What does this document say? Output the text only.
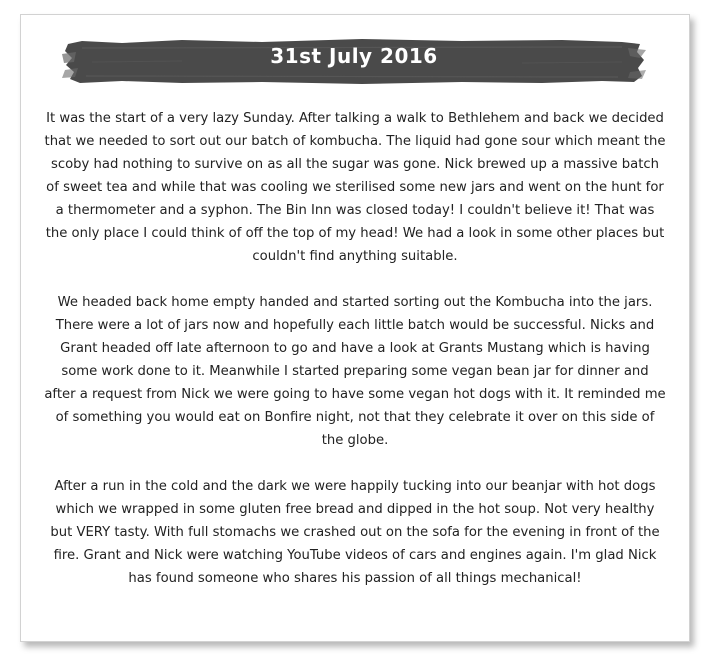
31st July 2016

It was the start of a very lazy Sunday. After talking a walk to Bethlehem and back we decided that we needed to sort out our batch of kombucha. The liquid had gone sour which meant the scoby had nothing to survive on as all the sugar was gone. Nick brewed up a massive batch of sweet tea and while that was cooling we sterilised some new jars and went on the hunt for a thermometer and a syphon. The Bin Inn was closed today! I couldn't believe it! That was the only place I could think of off the top of my head! We had a look in some other places but couldn't find anything suitable.

We headed back home empty handed and started sorting out the Kombucha into the jars. There were a lot of jars now and hopefully each little batch would be successful. Nicks and Grant headed off late afternoon to go and have a look at Grants Mustang which is having some work done to it. Meanwhile I started preparing some vegan bean jar for dinner and after a request from Nick we were going to have some vegan hot dogs with it. It reminded me of something you would eat on Bonfire night, not that they celebrate it over on this side of the globe.

After a run in the cold and the dark we were happily tucking into our beanjar with hot dogs which we wrapped in some gluten free bread and dipped in the hot soup. Not very healthy but VERY tasty. With full stomachs we crashed out on the sofa for the evening in front of the fire. Grant and Nick were watching YouTube videos of cars and engines again. I'm glad Nick has found someone who shares his passion of all things mechanical!
